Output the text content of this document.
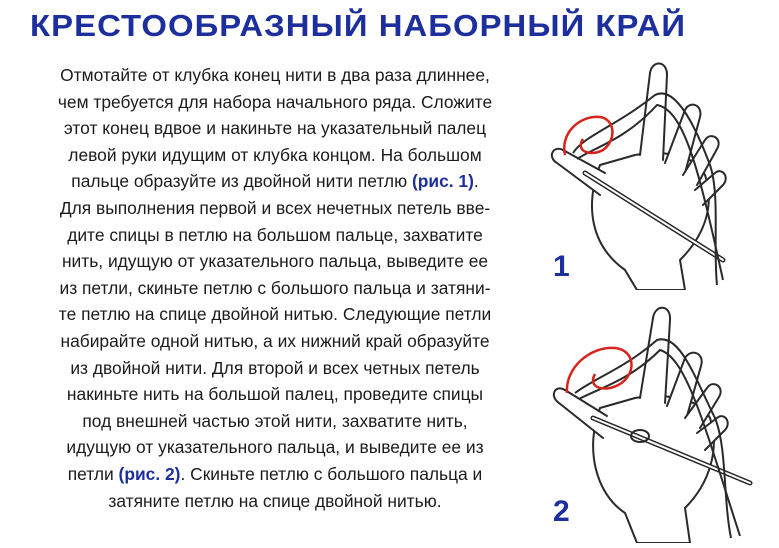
КРЕСТООБРАЗНЫЙ НАБОРНЫЙ КРАЙ
Отмотайте от клубка конец нити в два раза длиннее,
чем требуется для набора начального ряда. Сложите
этот конец вдвое и накиньте на указательный палец
левой руки идущим от клубка концом. На большом
пальце образуйте из двойной нити петлю (рис. 1).
Для выполнения первой и всех нечетных петель вве-
дите спицы в петлю на большом пальце, захватите
нить, идущую от указательного пальца, выведите ее
из петли, скиньте петлю с большого пальца и затяни-
те петлю на спице двойной нитью. Следующие петли
набирайте одной нитью, а их нижний край образуйте
из двойной нити. Для второй и всех четных петель
накиньте нить на большой палец, проведите спицы
под внешней частью этой нити, захватите нить,
идущую от указательного пальца, и выведите ее из
петли (рис. 2). Скиньте петлю с большого пальца и
затяните петлю на спице двойной нитью.
1
2
